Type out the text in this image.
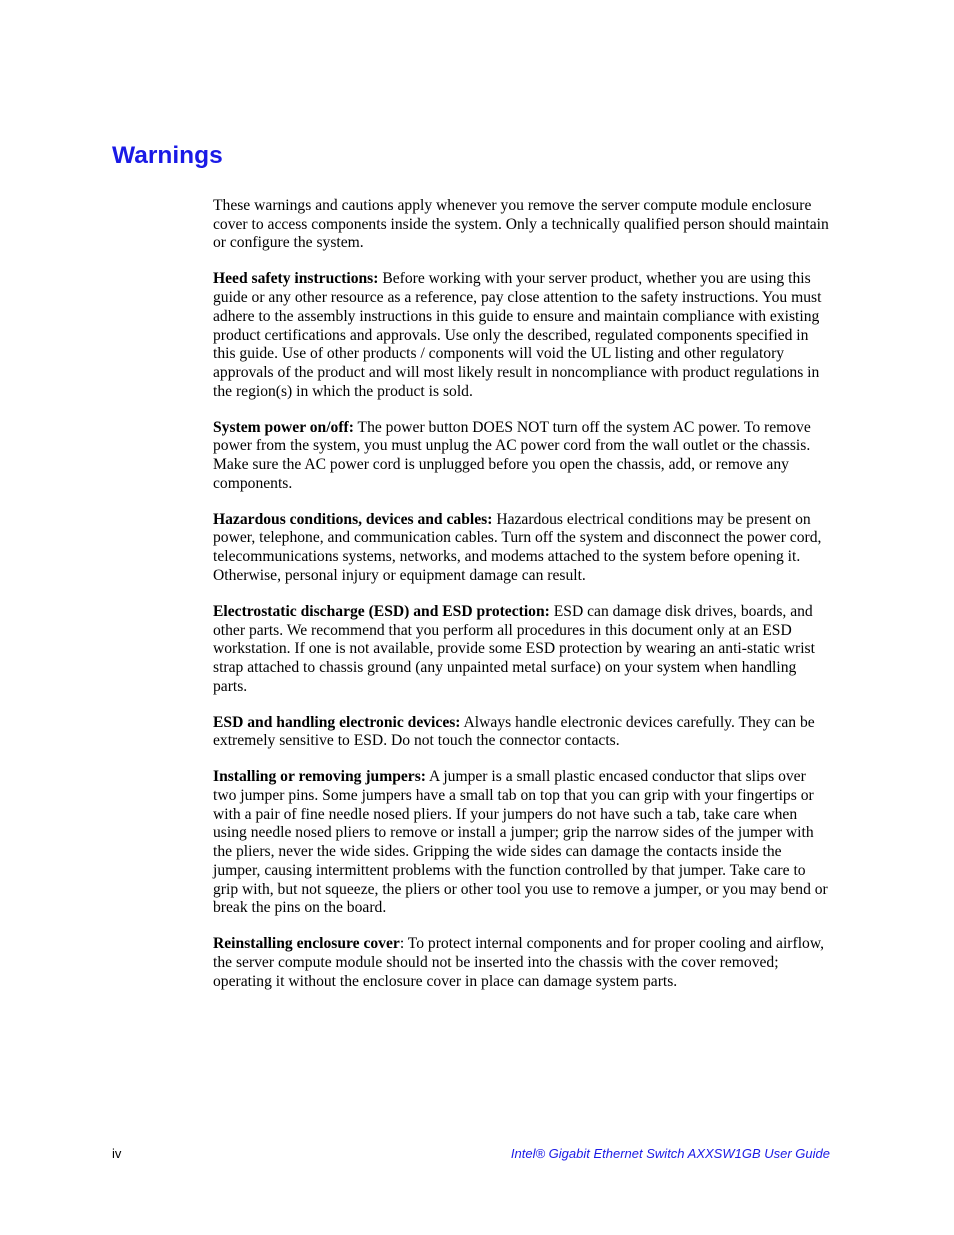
Warnings

These warnings and cautions apply whenever you remove the server compute module enclosure cover to access components inside the system. Only a technically qualified person should maintain or configure the system.

Heed safety instructions: Before working with your server product, whether you are using this guide or any other resource as a reference, pay close attention to the safety instructions. You must adhere to the assembly instructions in this guide to ensure and maintain compliance with existing product certifications and approvals. Use only the described, regulated components specified in this guide. Use of other products / components will void the UL listing and other regulatory approvals of the product and will most likely result in noncompliance with product regulations in the region(s) in which the product is sold.

System power on/off: The power button DOES NOT turn off the system AC power. To remove power from the system, you must unplug the AC power cord from the wall outlet or the chassis. Make sure the AC power cord is unplugged before you open the chassis, add, or remove any components.

Hazardous conditions, devices and cables: Hazardous electrical conditions may be present on power, telephone, and communication cables. Turn off the system and disconnect the power cord, telecommunications systems, networks, and modems attached to the system before opening it. Otherwise, personal injury or equipment damage can result.

Electrostatic discharge (ESD) and ESD protection: ESD can damage disk drives, boards, and other parts. We recommend that you perform all procedures in this document only at an ESD workstation. If one is not available, provide some ESD protection by wearing an anti-static wrist strap attached to chassis ground (any unpainted metal surface) on your system when handling parts.

ESD and handling electronic devices: Always handle electronic devices carefully. They can be extremely sensitive to ESD. Do not touch the connector contacts.

Installing or removing jumpers: A jumper is a small plastic encased conductor that slips over two jumper pins. Some jumpers have a small tab on top that you can grip with your fingertips or with a pair of fine needle nosed pliers. If your jumpers do not have such a tab, take care when using needle nosed pliers to remove or install a jumper; grip the narrow sides of the jumper with the pliers, never the wide sides. Gripping the wide sides can damage the contacts inside the jumper, causing intermittent problems with the function controlled by that jumper. Take care to grip with, but not squeeze, the pliers or other tool you use to remove a jumper, or you may bend or break the pins on the board.

Reinstalling enclosure cover: To protect internal components and for proper cooling and airflow, the server compute module should not be inserted into the chassis with the cover removed; operating it without the enclosure cover in place can damage system parts.

iv	Intel® Gigabit Ethernet Switch AXXSW1GB User Guide
